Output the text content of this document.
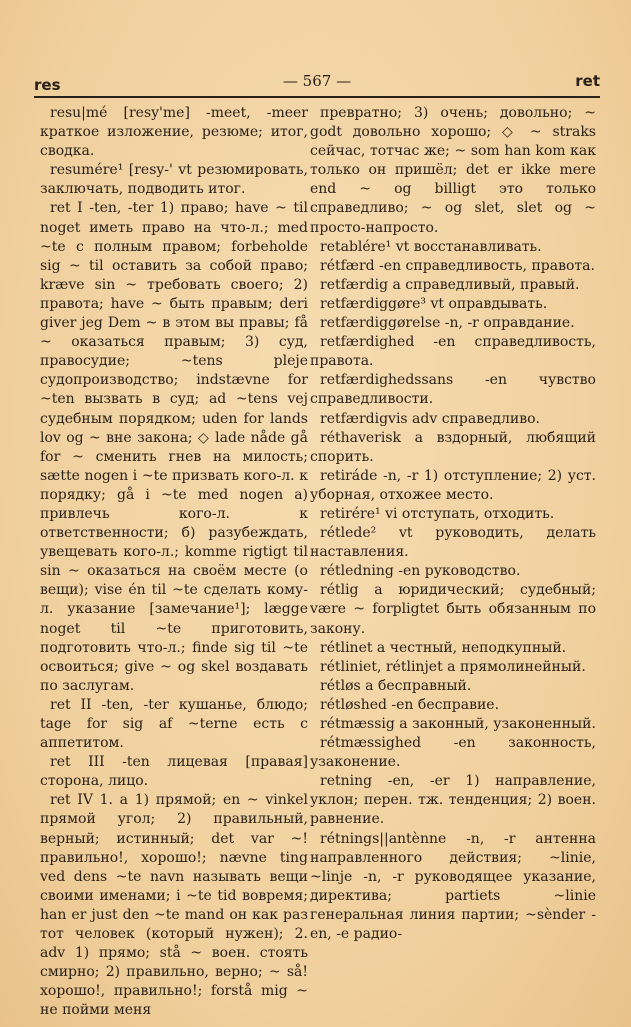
res	— 567 —	ret

resu|mé [resy'me] -meet, -meer краткое изложение, резюме; итог, сводка.

resumére¹ [resy-' vt резюмировать, заключать, подводить итог.

ret I -ten, -ter 1) право; have ~ til noget иметь право на что-л.; med ~te с полным правом; forbeholde sig ~ til оставить за собой право; kræve sin ~ требовать своего; 2) правота; have ~ быть правым; deri giver jeg Dem ~ в этом вы правы; få ~ оказаться правым; 3) суд, правосудие; ~tens pleje судопроизводство; indstævne for ~ten вызвать в суд; ad ~tens vej судебным порядком; uden for lands lov og ~ вне закона; ◇ lade nåde gå for ~ сменить гнев на милость; sætte nogen i ~te призвать кого-л. к порядку; gå i ~te med nogen a) привлечь кого-л. к ответственности; б) разубеждать, увещевать кого-л.; komme rigtigt til sin ~ оказаться на своём месте (о вещи); vise én til ~te сделать кому-л. указание [замечание¹]; lægge noget til ~te приготовить, подготовить что-л.; finde sig til ~te освоиться; give ~ og skel воздавать по заслугам.

ret II -ten, -ter кушанье, блюдо; tage for sig af ~terne есть с аппетитом.

ret III -ten лицевая [правая] сторона, лицо.

ret IV 1. a 1) прямой; en ~ vinkel прямой угол; 2) правильный, верный; истинный; det var ~! правильно!, хорошо!; nævne ting ved dens ~te navn называть вещи своими именами; i ~te tid вовремя; han er just den ~te mand он как раз тот человек (который нужен); 2. adv 1) прямо; stå ~ воен. стоять смирно; 2) правильно, верно; ~ så! хорошо!, правильно!; forstå mig ~ не пойми меня

превратно; 3) очень; довольно; ~ godt довольно хорошо; ◇ ~ straks сейчас, тотчас же; ~ som han kom как только он пришёл; det er ikke mere end ~ og billigt это только справедливо; ~ og slet, slet og ~ просто-напросто.

retablére¹ vt восстанавливать.

rétfærd -en справедливость, правота.

retfærdig a справедливый, правый.

retfærdiggøre³ vt оправдывать.

retfærdiggørelse -n, -r оправдание.

retfærdighed -en справедливость, правота.

retfærdighedssans -en чувство справедливости.

retfærdigvis adv справедливо.

réthaverisk a вздорный, любящий спорить.

retiráde -n, -r 1) отступление; 2) уст. уборная, отхожее место.

retirére¹ vi отступать, отходить.

rétlede² vt руководить, делать наставления.

rétledning -en руководство.

rétlig a юридический; судебный; være ~ forpligtet быть обязанным по закону.

rétlinet a честный, неподкупный.

rétliniet, rétlinjet a прямолинейный.

rétløs a бесправный.

rétløshed -en бесправие.

rétmæssig a законный, узаконенный.

rétmæssighed -en законность, узаконение.

retning -en, -er 1) направление, уклон; перен. тж. тенденция; 2) воен. равнение.

rétnings||antènne -n, -r антенна направленного действия; ~linie, ~linje -n, -r руководящее указание, директива; partiets ~linie генеральная линия партии; ~sènder -en, -e радио-
